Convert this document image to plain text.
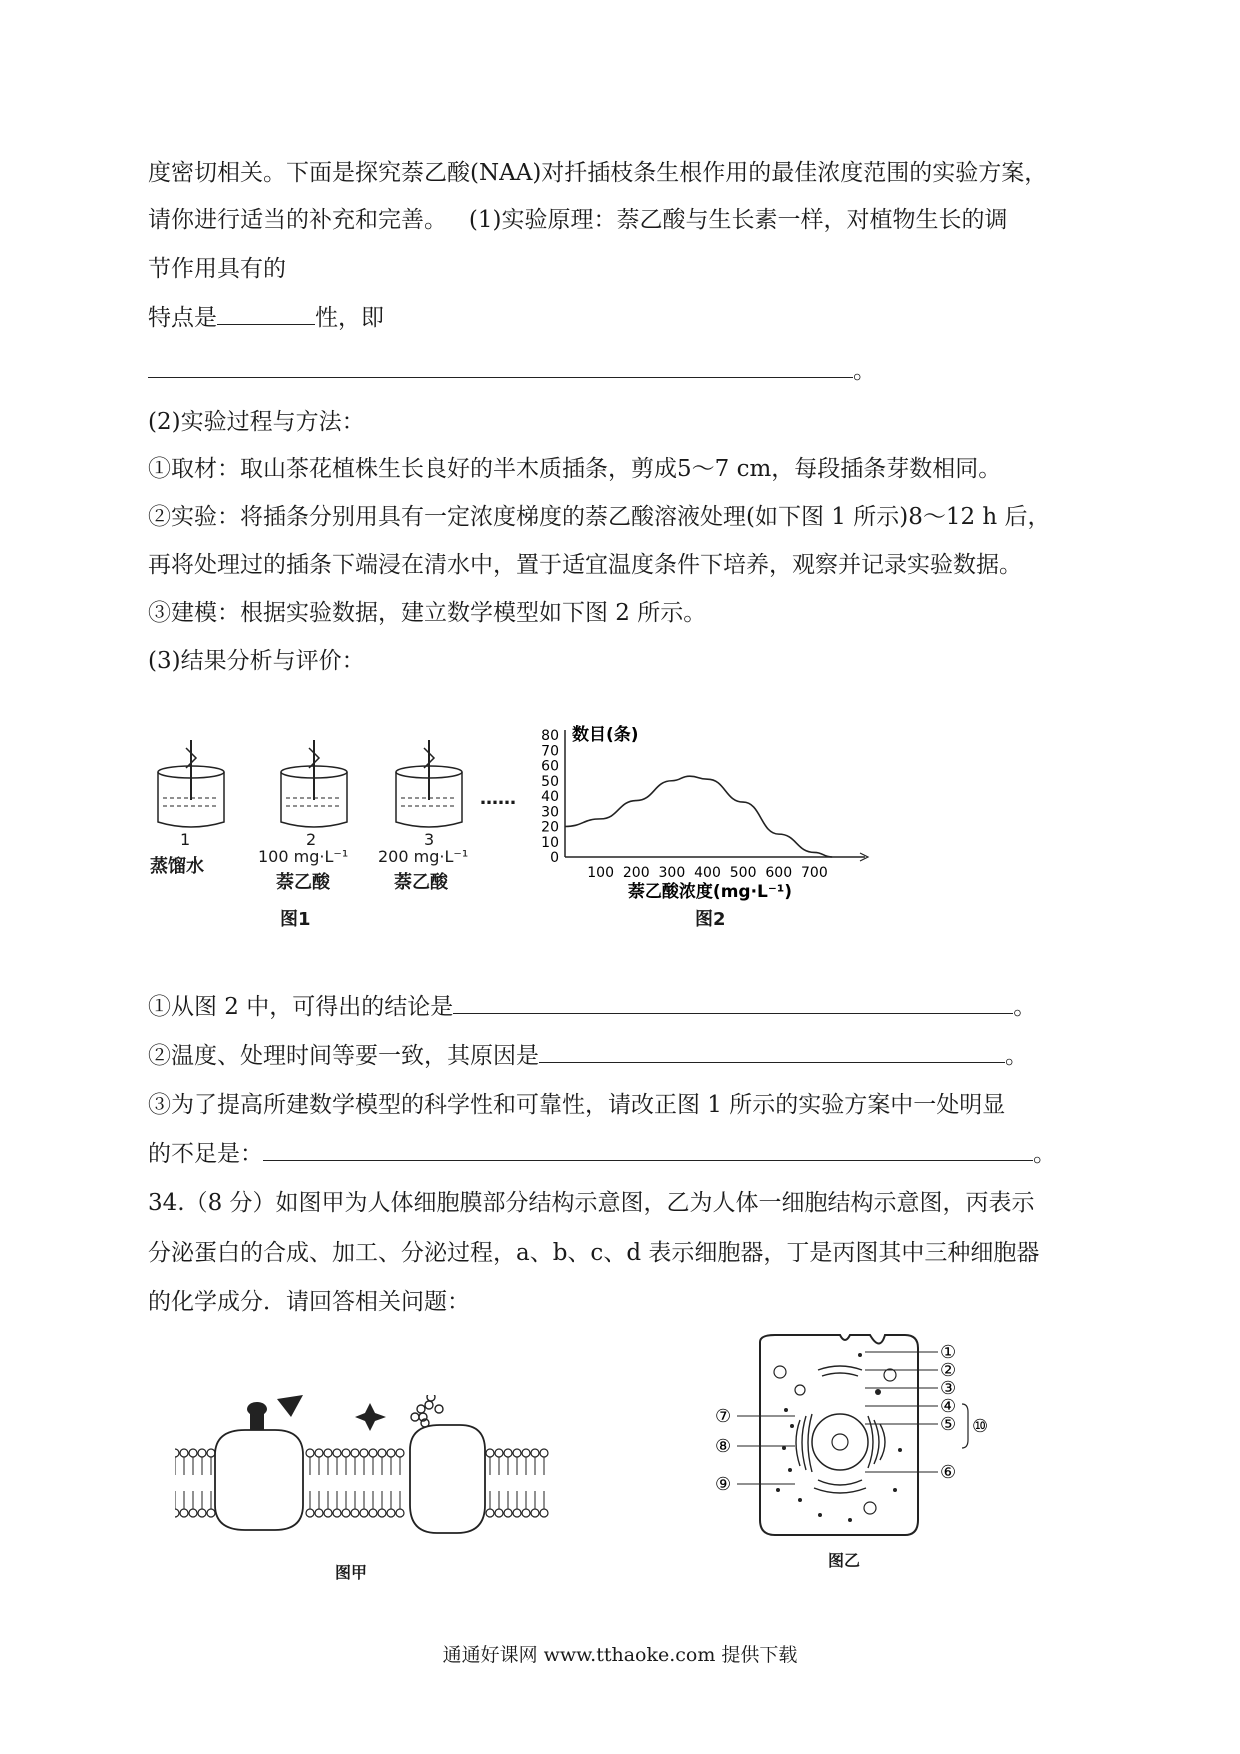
度密切相关。下面是探究萘乙酸(NAA)对扦插枝条生根作用的最佳浓度范围的实验方案，
请你进行适当的补充和完善。   (1)实验原理：萘乙酸与生长素一样，对植物生长的调
节作用具有的
特点是	性，即
。
(2)实验过程与方法：
①取材：取山茶花植株生长良好的半木质插条，剪成5～7 cm，每段插条芽数相同。
②实验：将插条分别用具有一定浓度梯度的萘乙酸溶液处理(如下图 1 所示)8～12 h 后，
再将处理过的插条下端浸在清水中，置于适宜温度条件下培养，观察并记录实验数据。
③建模：根据实验数据，建立数学模型如下图 2 所示。
(3)结果分析与评价：
1
蒸馏水
2
100 mg·L⁻¹
萘乙酸
3
200 mg·L⁻¹
萘乙酸
……
图1
0
10
20
30
40
50
60
70
80
100 200 300 400 500 600 700
数目(条)
萘乙酸浓度(mg·L⁻¹)
图2
①从图 2 中，可得出的结论是	。
②温度、处理时间等要一致，其原因是	。
③为了提高所建数学模型的科学性和可靠性，请改正图 1 所示的实验方案中一处明显
的不足是：	。
34.（8 分）如图甲为人体细胞膜部分结构示意图，乙为人体一细胞结构示意图，丙表示
分泌蛋白的合成、加工、分泌过程，a、b、c、d 表示细胞器，丁是丙图其中三种细胞器
的化学成分．请回答相关问题：
图甲
①
②
③
④
⑤
⑥
⑦
⑧
⑨
⑩
图乙
通通好课网 www.tthaoke.com 提供下载
